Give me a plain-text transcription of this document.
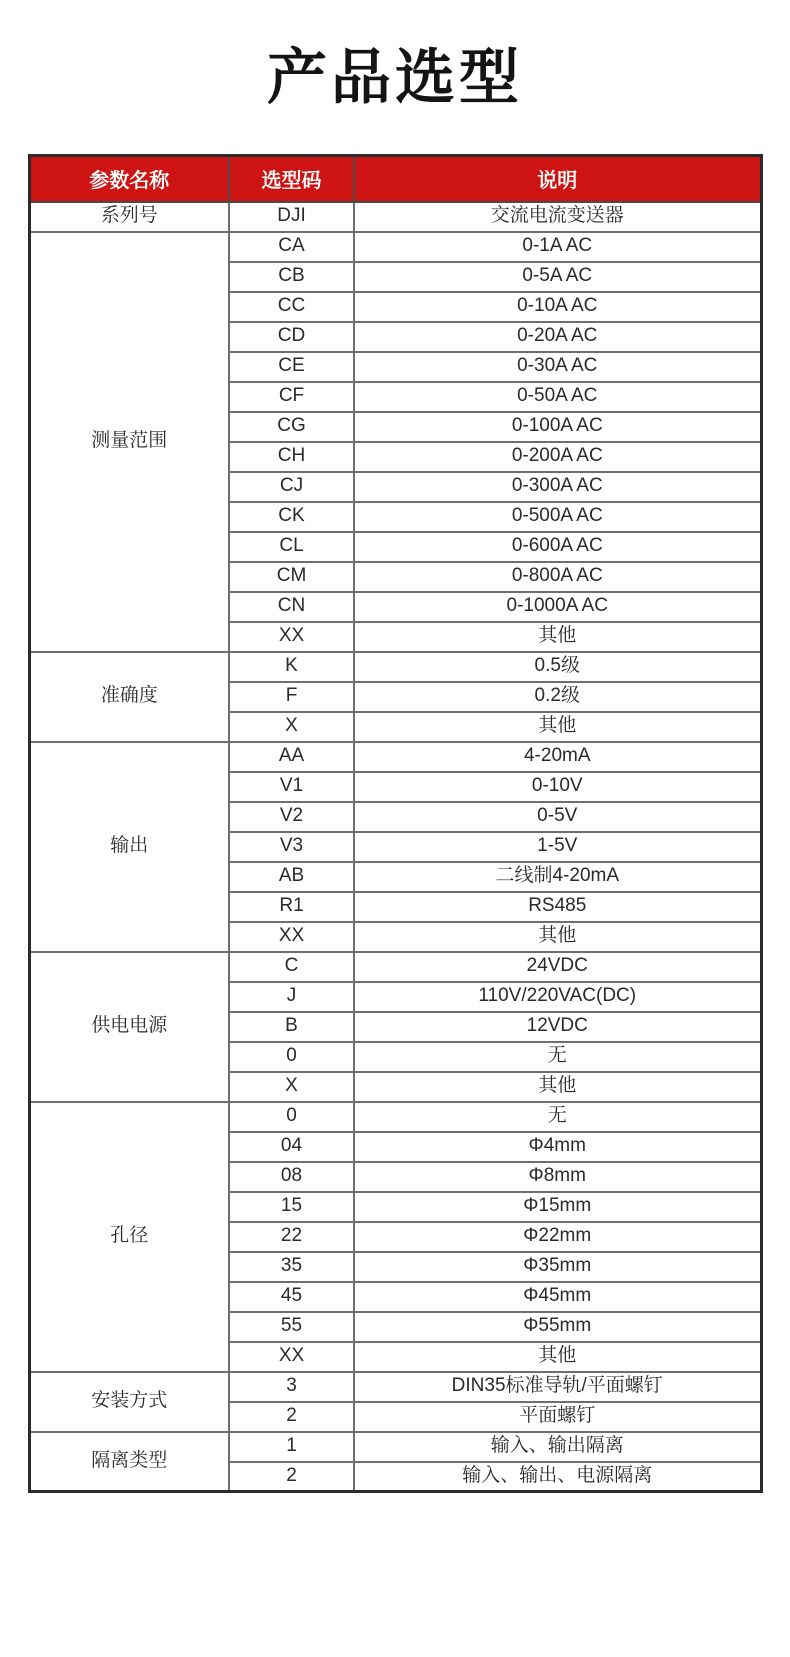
产品选型
参数名称	选型码	说明
系列号	DJI	交流电流变送器
测量范围	CA	0-1A AC
	CB	0-5A AC
	CC	0-10A AC
	CD	0-20A AC
	CE	0-30A AC
	CF	0-50A AC
	CG	0-100A AC
	CH	0-200A AC
	CJ	0-300A AC
	CK	0-500A AC
	CL	0-600A AC
	CM	0-800A AC
	CN	0-1000A AC
	XX	其他
准确度	K	0.5级
	F	0.2级
	X	其他
输出	AA	4-20mA
	V1	0-10V
	V2	0-5V
	V3	1-5V
	AB	二线制4-20mA
	R1	RS485
	XX	其他
供电电源	C	24VDC
	J	110V/220VAC(DC)
	B	12VDC
	0	无
	X	其他
孔径	0	无
	04	Φ4mm
	08	Φ8mm
	15	Φ15mm
	22	Φ22mm
	35	Φ35mm
	45	Φ45mm
	55	Φ55mm
	XX	其他
安装方式	3	DIN35标准导轨/平面螺钉
	2	平面螺钉
隔离类型	1	输入、输出隔离
	2	输入、输出、电源隔离
